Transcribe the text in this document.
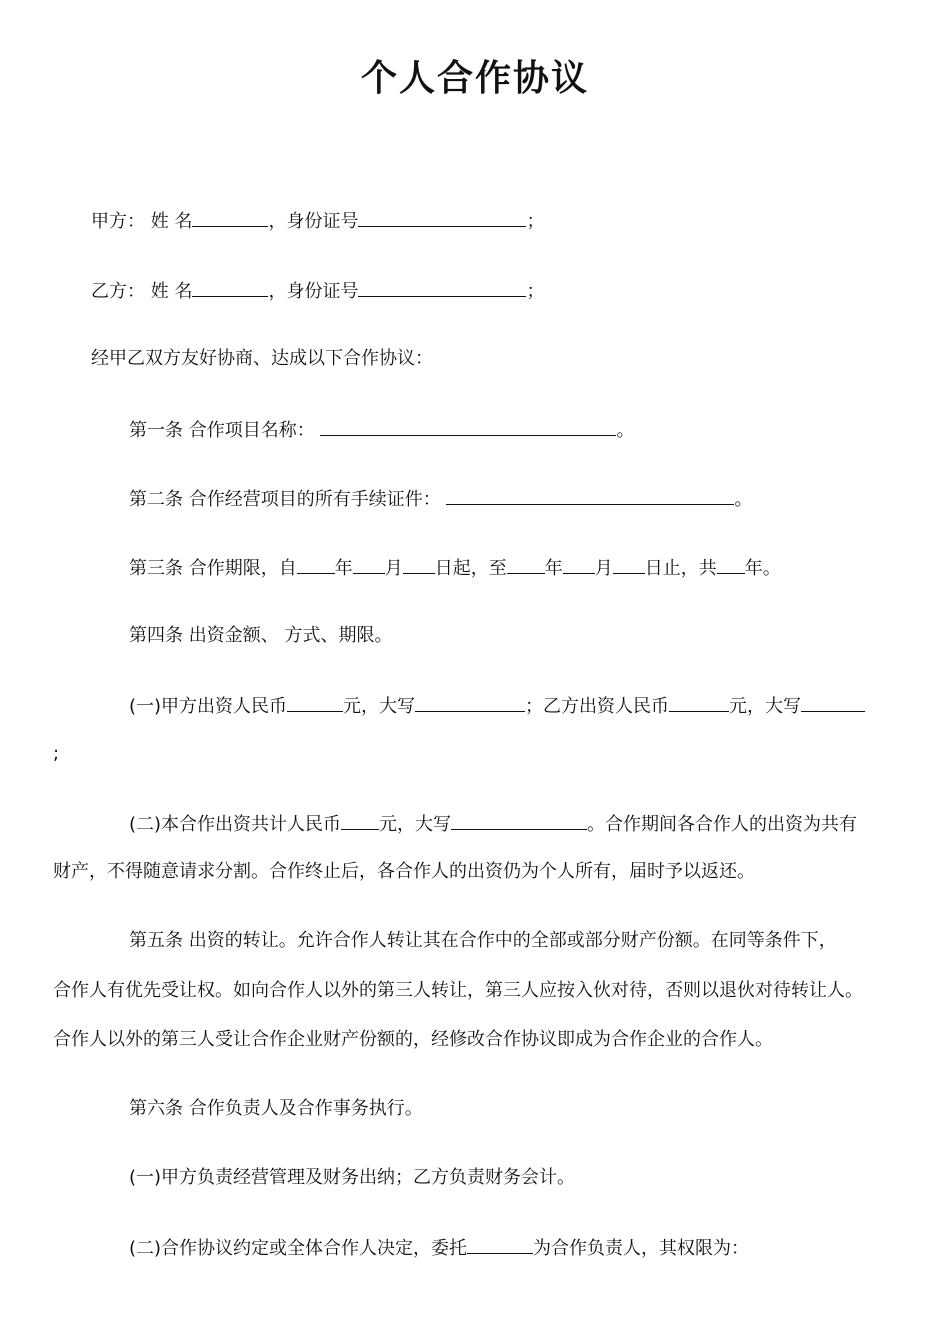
个人合作协议
甲方： 姓 名	，身份证号	；
乙方： 姓 名	，身份证号	；
经甲乙双方友好协商、达成以下合作协议：
第一条 合作项目名称：	。
第二条 合作经营项目的所有手续证件：	。
第三条 合作期限，自 年 月 日起，至 年 月 日止，共 年。
第四条 出资金额、 方式、期限。
(一)甲方出资人民币	元，大写	；乙方出资人民币	元，大写
;
(二)本合作出资共计人民币 元，大写	。合作期间各合作人的出资为共有
财产，不得随意请求分割。合作终止后，各合作人的出资仍为个人所有，届时予以返还。
第五条 出资的转让。允许合作人转让其在合作中的全部或部分财产份额。在同等条件下，
合作人有优先受让权。如向合作人以外的第三人转让，第三人应按入伙对待，否则以退伙对待转让人。
合作人以外的第三人受让合作企业财产份额的，经修改合作协议即成为合作企业的合作人。
第六条 合作负责人及合作事务执行。
(一)甲方负责经营管理及财务出纳；乙方负责财务会计。
(二)合作协议约定或全体合作人决定，委托	为合作负责人，其权限为：
